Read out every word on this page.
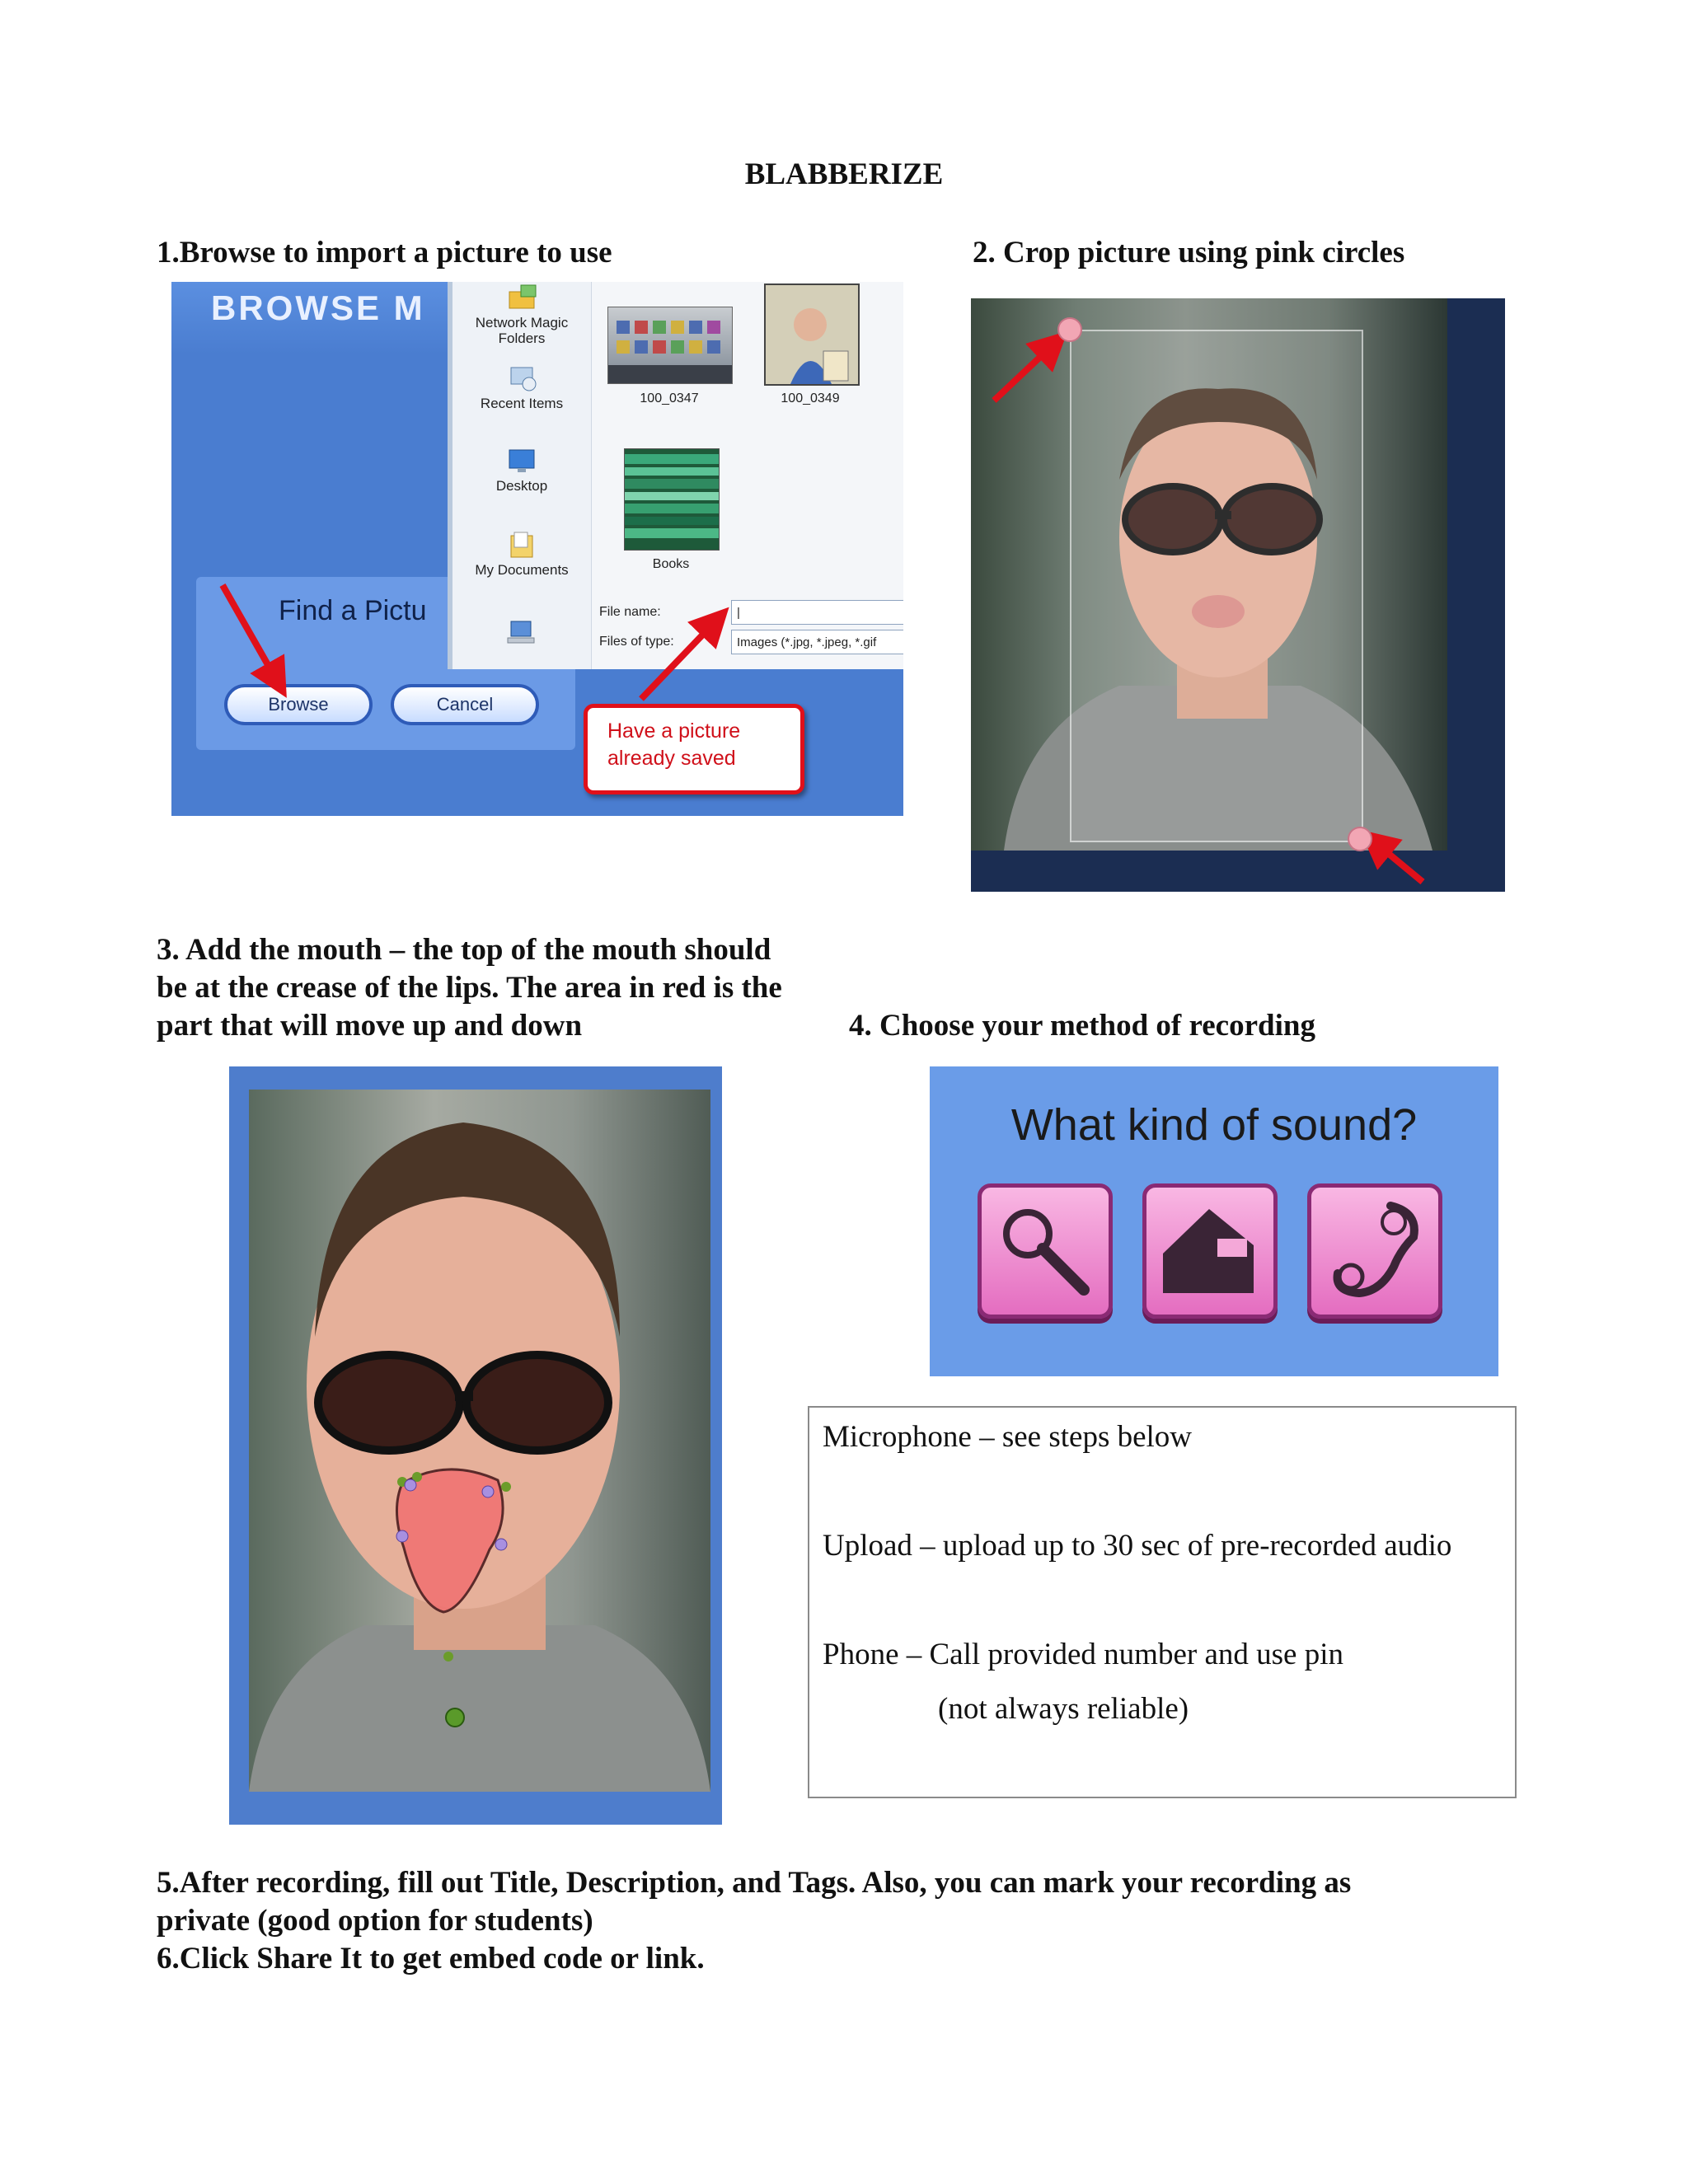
BLABBERIZE
1.Browse to import a picture to use	2. Crop picture using pink circles
3. Add the mouth – the top of the mouth should
be at the crease of the lips. The area in red is the
part that will move up and down	4. Choose your method of recording
BROWSE M
Find a Pictu
Browse	Cancel
Network Magic Folders
Recent Items
Desktop
My Documents
100_0347	100_0349
Books
File name:	|
Files of type:	Images (*.jpg, *.jpeg, *.gif
Have a picture already saved
What kind of sound?
Microphone – see steps below
Upload – upload up to 30 sec of pre-recorded audio
Phone – Call provided number and use pin
(not always reliable)
5.After recording, fill out Title, Description, and Tags. Also, you can mark your recording as
private (good option for students)
6.Click Share It to get embed code or link.
